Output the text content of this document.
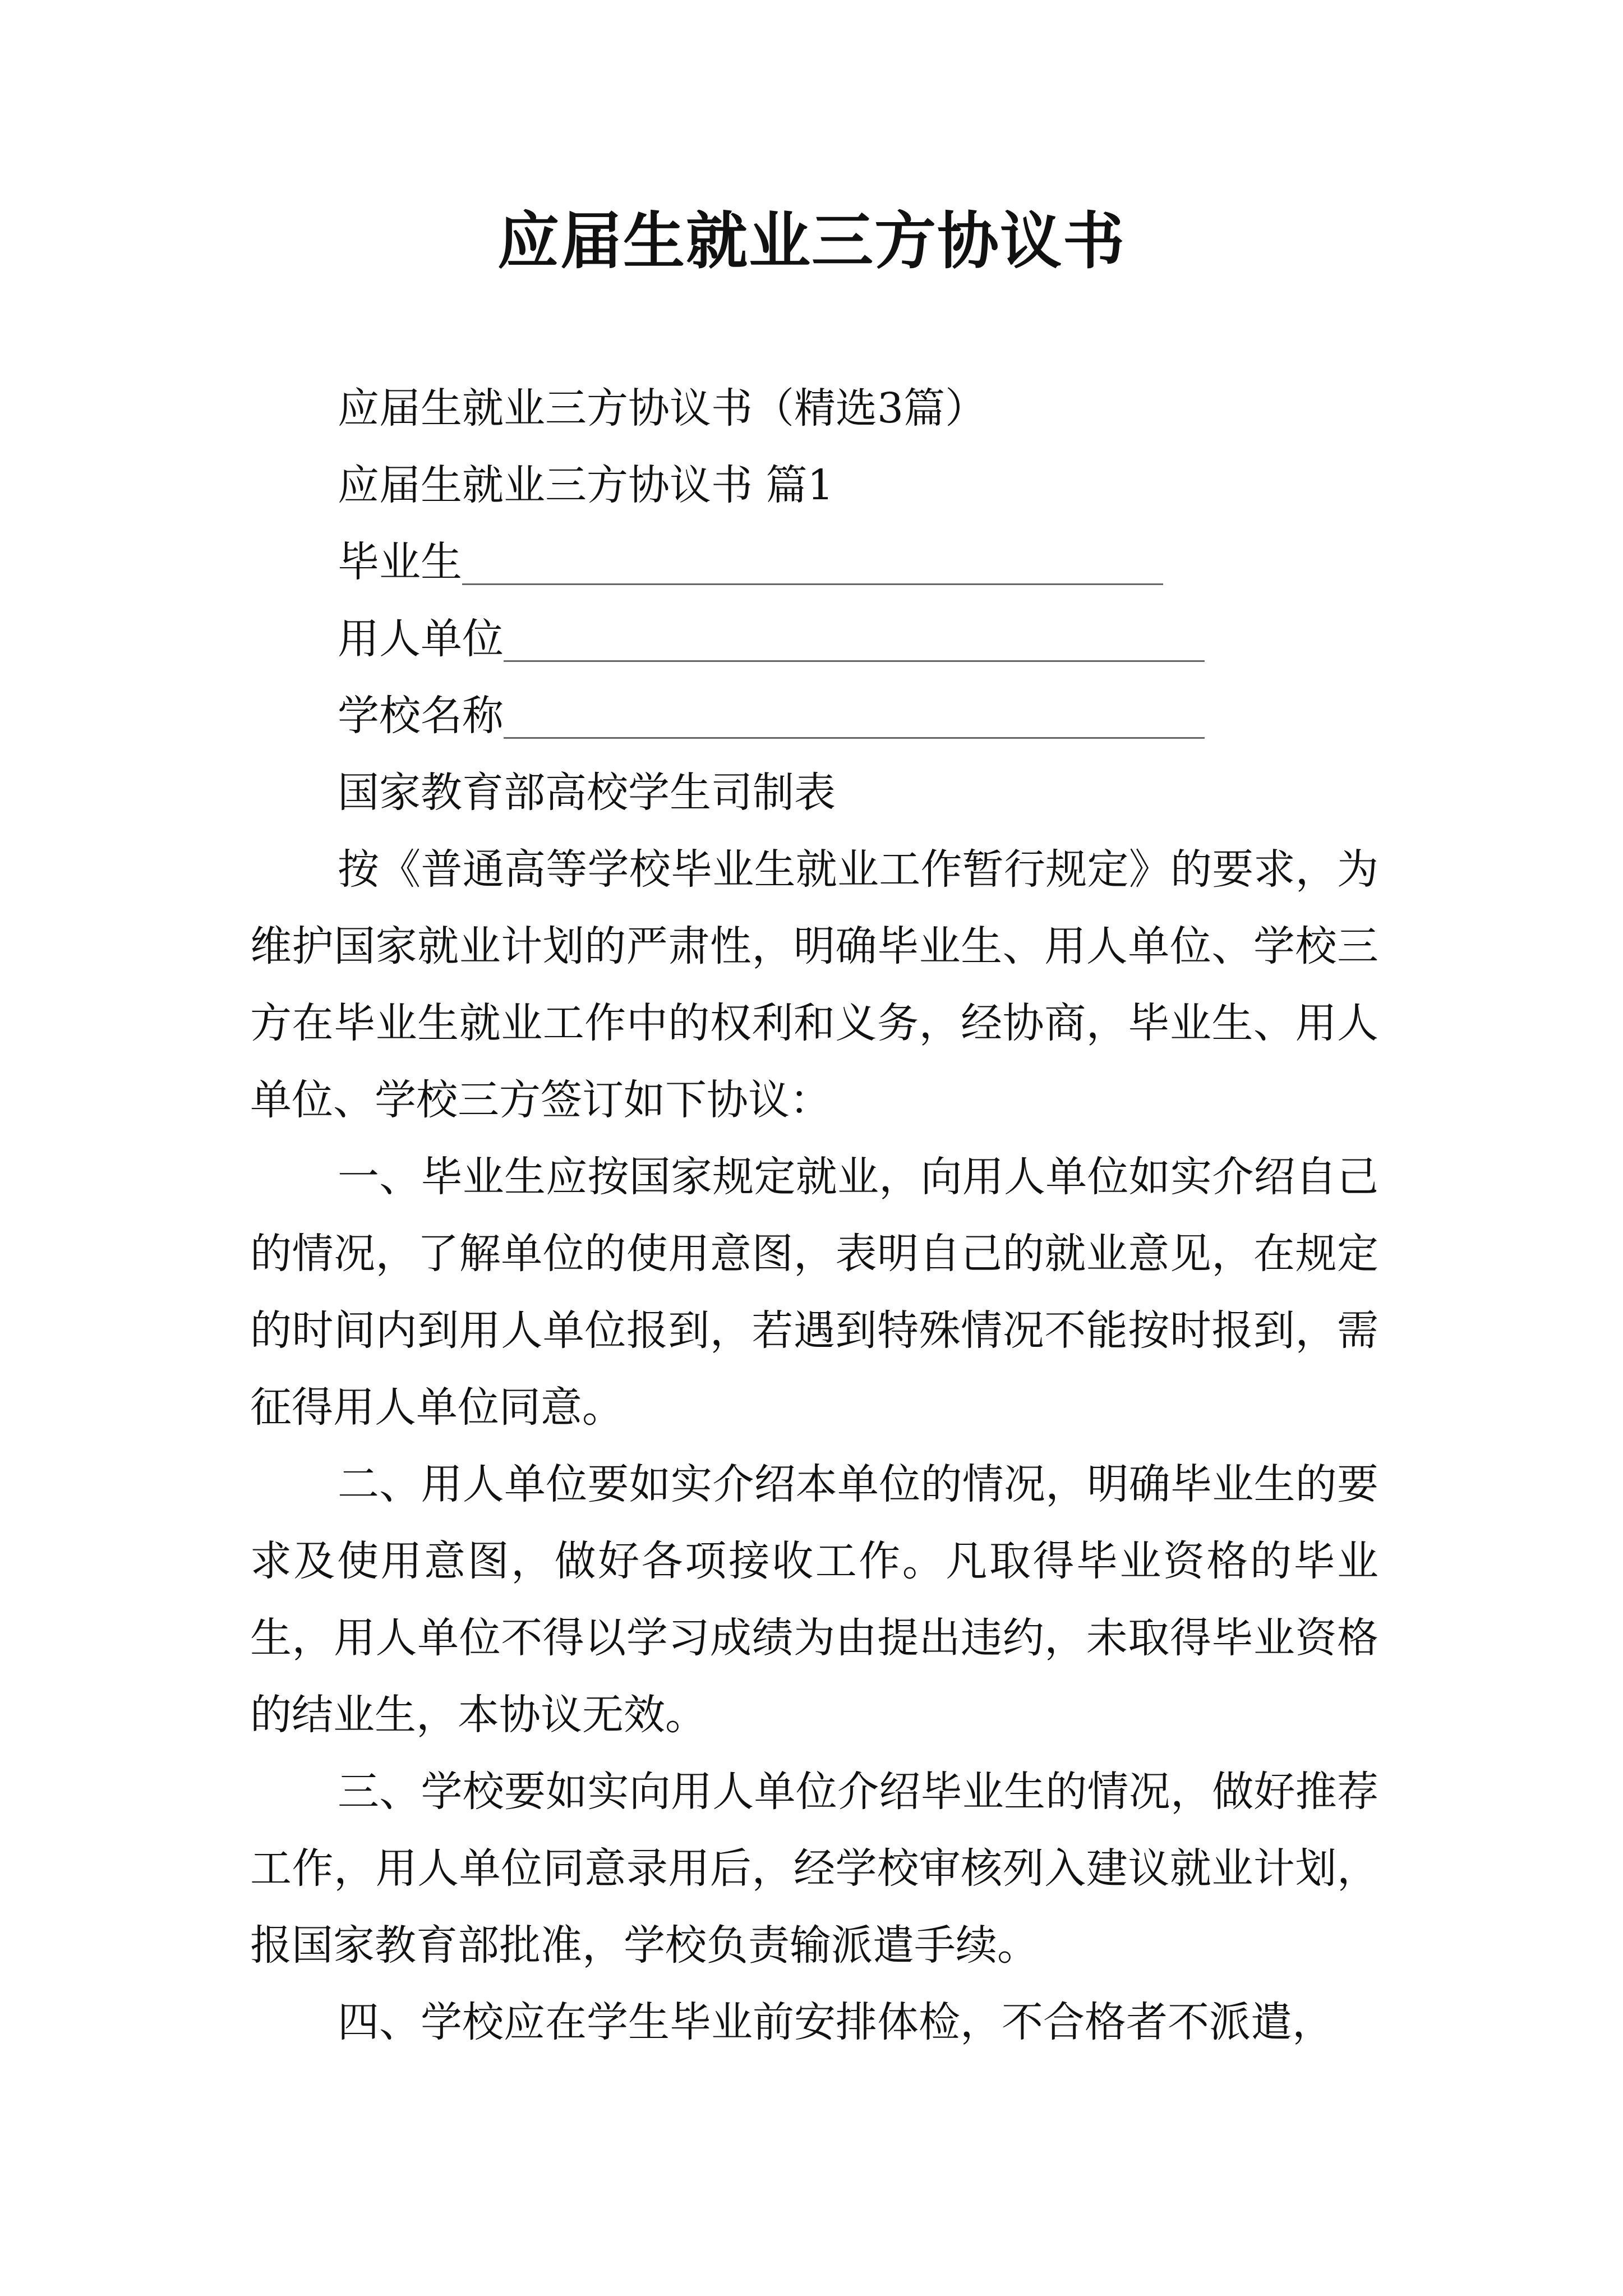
应届生就业三方协议书
应届生就业三方协议书（精选3篇）
应届生就业三方协议书 篇1
毕业生
用人单位
学校名称
国家教育部高校学生司制表

按《普通高等学校毕业生就业工作暂行规定》的要求，为维护国家就业计划的严肃性，明确毕业生、用人单位、学校三方在毕业生就业工作中的权利和义务，经协商，毕业生、用人单位、学校三方签订如下协议：

一、毕业生应按国家规定就业，向用人单位如实介绍自己的情况，了解单位的使用意图，表明自己的就业意见，在规定的时间内到用人单位报到，若遇到特殊情况不能按时报到，需征得用人单位同意。

二、用人单位要如实介绍本单位的情况，明确毕业生的要求及使用意图，做好各项接收工作。凡取得毕业资格的毕业生，用人单位不得以学习成绩为由提出违约，未取得毕业资格的结业生，本协议无效。

三、学校要如实向用人单位介绍毕业生的情况，做好推荐工作，用人单位同意录用后，经学校审核列入建议就业计划，报国家教育部批准，学校负责输派遣手续。

四、学校应在学生毕业前安排体检，不合格者不派遣，
